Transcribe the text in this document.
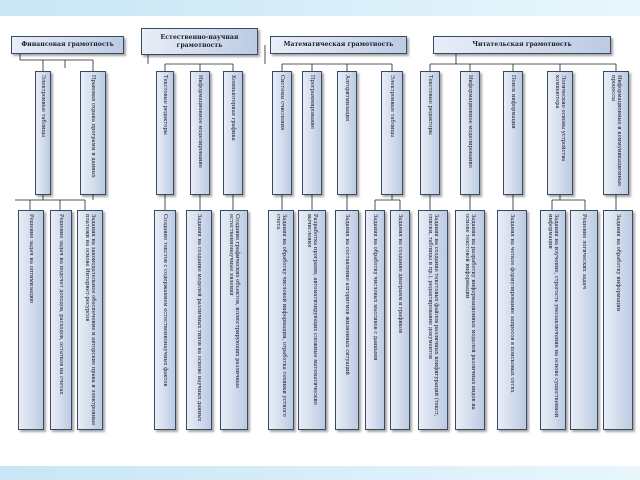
Финансовая грамотность
Естественно-научная грамотность	Математическая грамотность	Читательская грамотность
Электронные таблицы	Правовая охрана программ и данных	Текстовые редакторы	Информационное моделирование	Компьютерная графика	Системы счисления	Программирование	Алгоритмизация	Электронные таблицы	Текстовые редакторы	Информационное моделирование	Поиск информации	Логические основы устройства компьютера	Информационные и коммуникационные процессы
Решение задач на оптимизацию	Решение задач на подсчет доходов, расходов, остатков на счетах	Задания на законодательное обеспечение и авторские права и электронные платежи на основе Интернет-ресурсов	Создание текстов с содержанием естественнонаучных фактов	Задания на создание моделей различных типов на основе научных данных	Создание графических объектов, иллюстрирующих различные естественнонаучные явления	Задания на обработку числовой информации, отработка техники устного счета	Разработка программ, автоматизирующих сложные математические вычисления	Задания на составление алгоритмов жизненных ситуаций	Задания на обработку числовых массивов с данными	Задания на создание диаграмм и графиков	Задания на создание текстовых файлов различных конфигураций (текст, списки, таблицы и пр.), редактирование документов	Задания на разработку информационных моделей различных видов на основе текстовой информации	Задания на четкое формулирование запросов в поисковых сетях	Задания на изучение, строгость умозаключения на основе существенной информации	Решение логических задач	Задания на обработку информации
